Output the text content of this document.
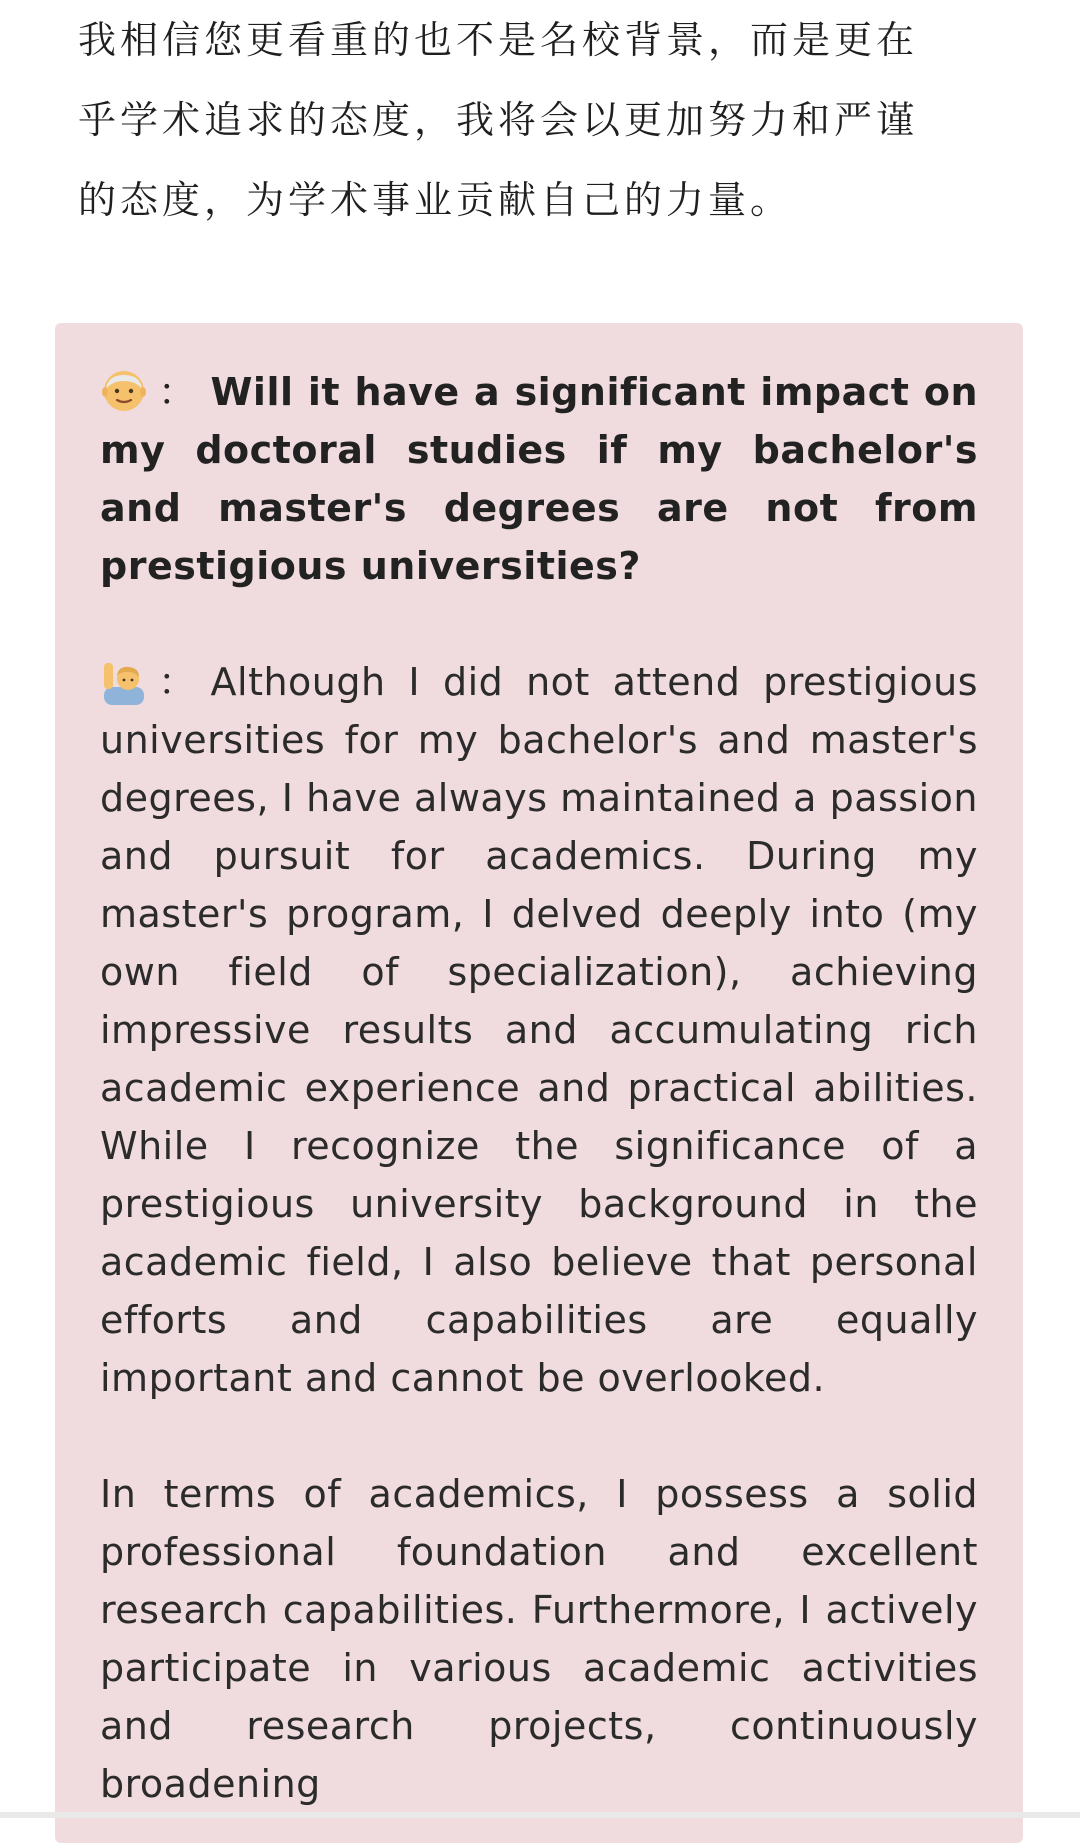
我相信您更看重的也不是名校背景，而是更在
乎学术追求的态度，我将会以更加努力和严谨
的态度，为学术事业贡献自己的力量。

： Will it have a significant impact on my doctoral studies if my bachelor's and master's degrees are not from prestigious universities?

： Although I did not attend prestigious universities for my bachelor's and master's degrees, I have always maintained a passion and pursuit for academics. During my master's program, I delved deeply into (my own field of specialization), achieving impressive results and accumulating rich academic experience and practical abilities. While I recognize the significance of a prestigious university background in the academic field, I also believe that personal efforts and capabilities are equally important and cannot be overlooked.

In terms of academics, I possess a solid professional foundation and excellent research capabilities. Furthermore, I actively participate in various academic activities and research projects, continuously broadening
